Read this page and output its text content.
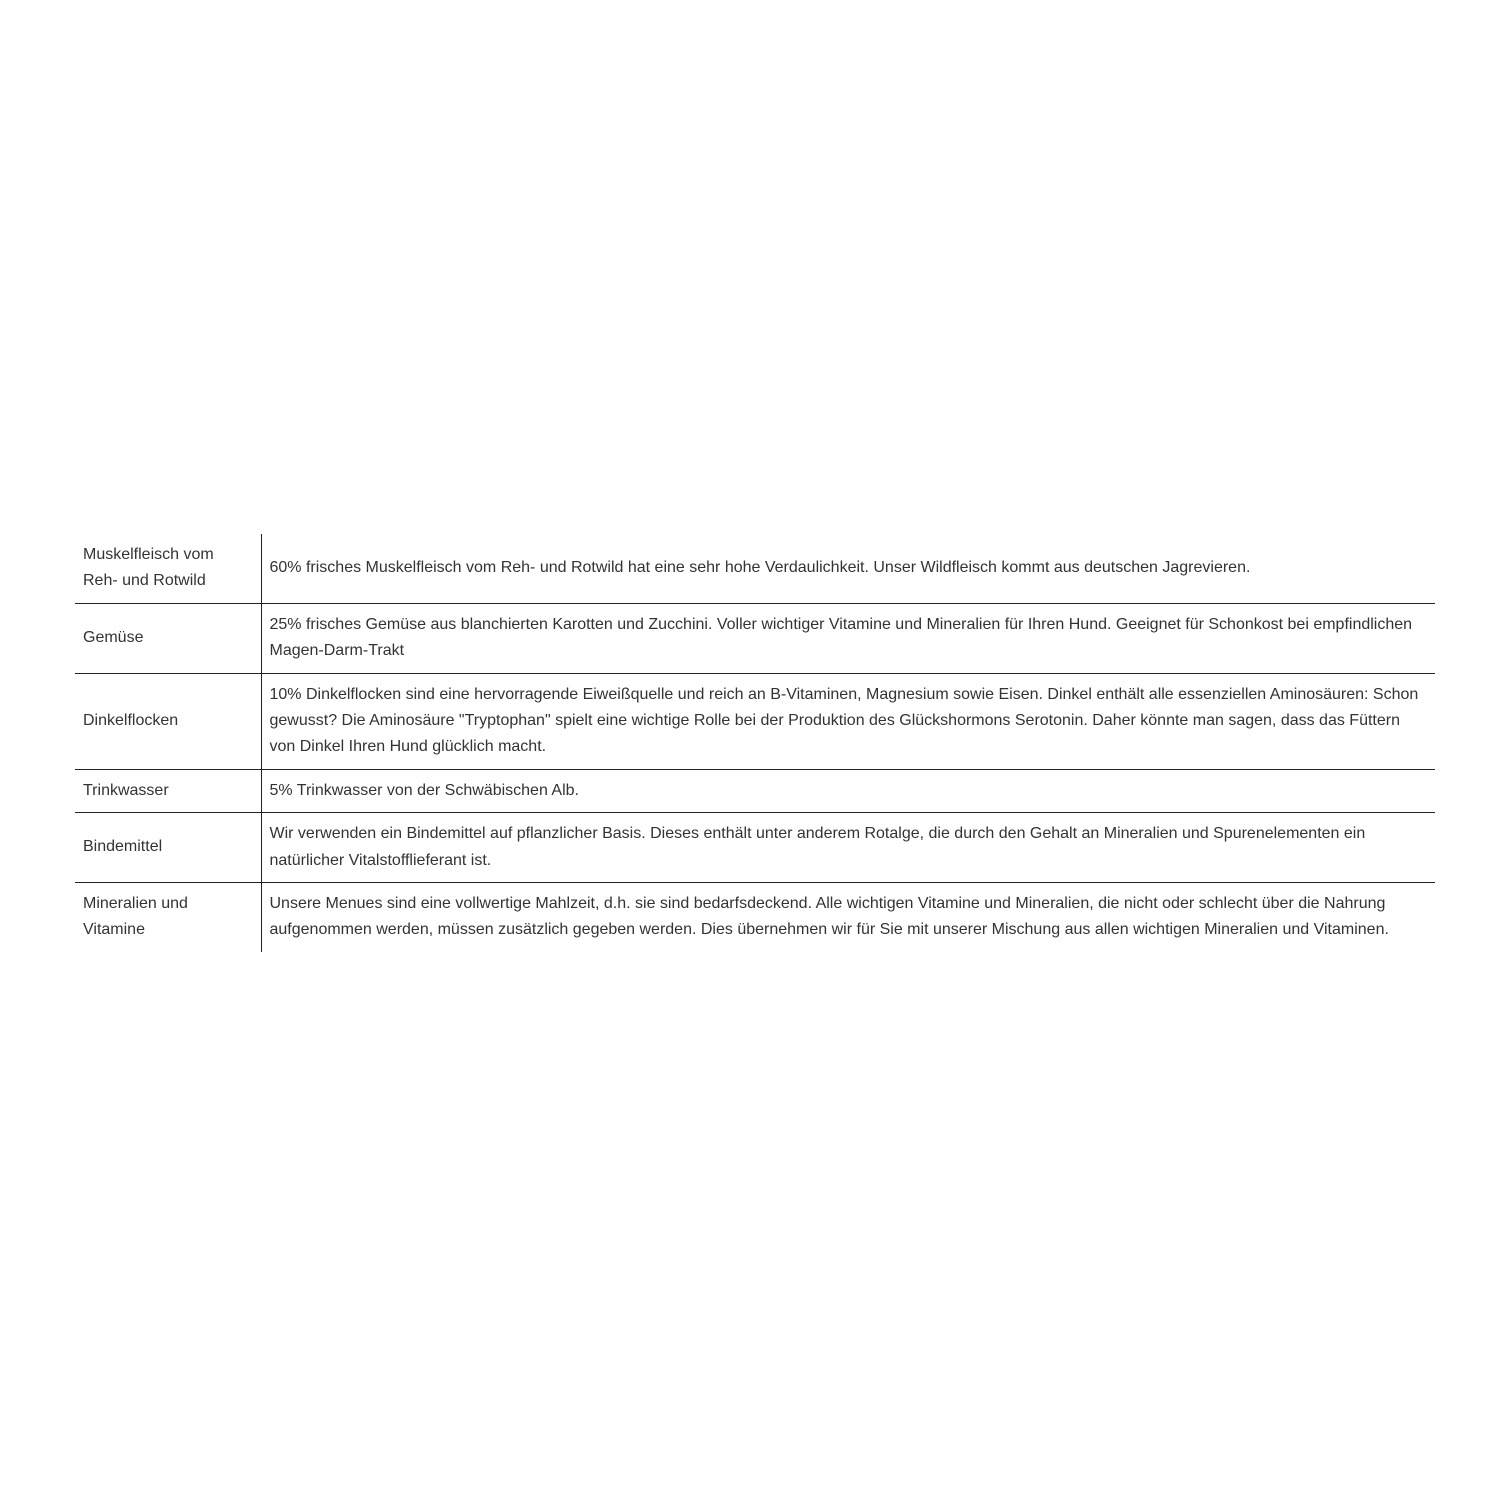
Muskelfleisch vom Reh- und Rotwild	60% frisches Muskelfleisch vom Reh- und Rotwild hat eine sehr hohe Verdaulichkeit. Unser Wildfleisch kommt aus deutschen Jagrevieren.
Gemüse	25% frisches Gemüse aus blanchierten Karotten und Zucchini. Voller wichtiger Vitamine und Mineralien für Ihren Hund. Geeignet für Schonkost bei empfindlichen Magen-Darm-Trakt
Dinkelflocken	10% Dinkelflocken sind eine hervorragende Eiweißquelle und reich an B-Vitaminen, Magnesium sowie Eisen. Dinkel enthält alle essenziellen Aminosäuren: Schon gewusst? Die Aminosäure "Tryptophan" spielt eine wichtige Rolle bei der Produktion des Glückshormons Serotonin. Daher könnte man sagen, dass das Füttern von Dinkel Ihren Hund glücklich macht.
Trinkwasser	5% Trinkwasser von der Schwäbischen Alb.
Bindemittel	Wir verwenden ein Bindemittel auf pflanzlicher Basis. Dieses enthält unter anderem Rotalge, die durch den Gehalt an Mineralien und Spurenelementen ein natürlicher Vitalstofflieferant ist.
Mineralien und Vitamine	Unsere Menues sind eine vollwertige Mahlzeit, d.h. sie sind bedarfsdeckend. Alle wichtigen Vitamine und Mineralien, die nicht oder schlecht über die Nahrung aufgenommen werden, müssen zusätzlich gegeben werden. Dies übernehmen wir für Sie mit unserer Mischung aus allen wichtigen Mineralien und Vitaminen.
